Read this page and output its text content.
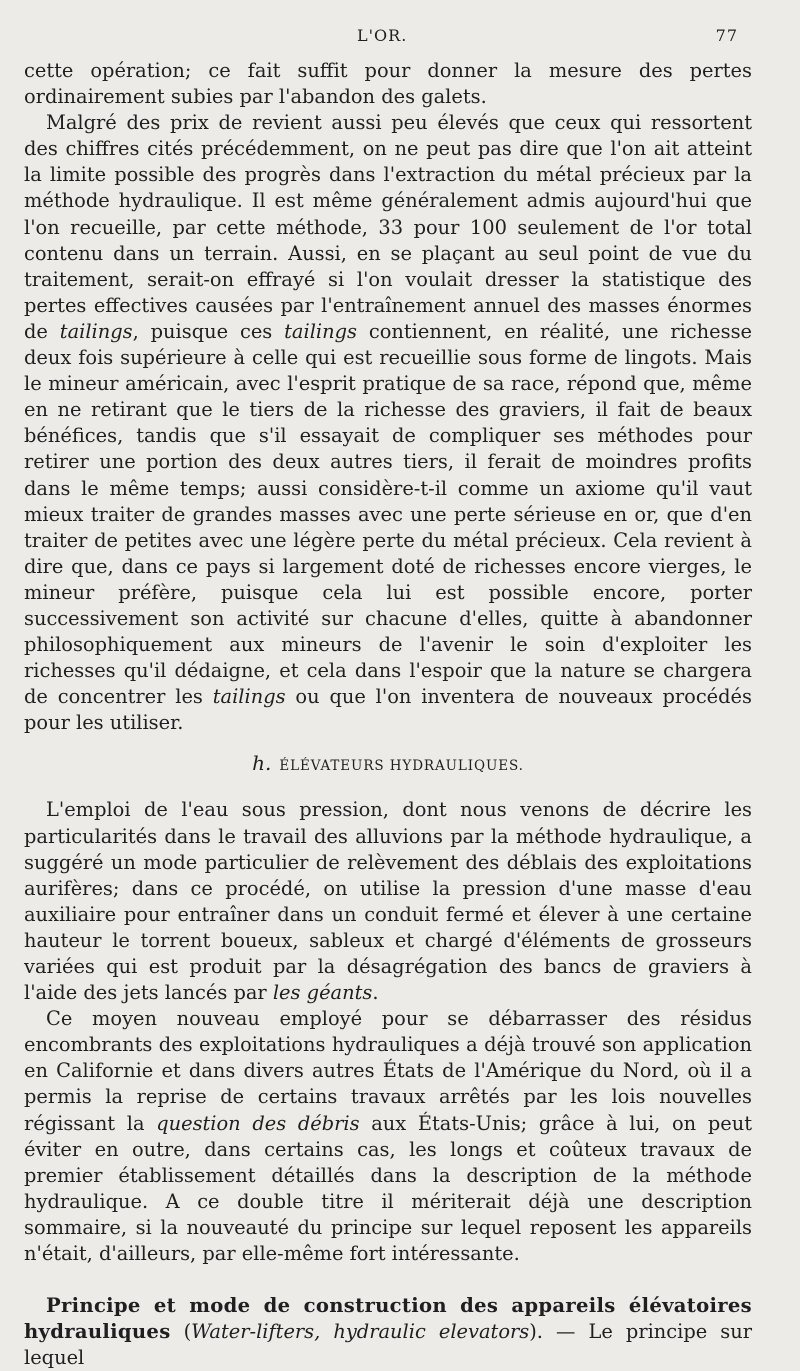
L'OR.	77

cette opération; ce fait suffit pour donner la mesure des pertes ordinairement subies par l'abandon des galets.

Malgré des prix de revient aussi peu élevés que ceux qui ressortent des chiffres cités précédemment, on ne peut pas dire que l'on ait atteint la limite possible des progrès dans l'extraction du métal précieux par la méthode hydraulique. Il est même généralement admis aujourd'hui que l'on recueille, par cette méthode, 33 pour 100 seulement de l'or total contenu dans un terrain. Aussi, en se plaçant au seul point de vue du traitement, serait-on effrayé si l'on voulait dresser la statistique des pertes effectives causées par l'entraînement annuel des masses énormes de tailings, puisque ces tailings contiennent, en réalité, une richesse deux fois supérieure à celle qui est recueillie sous forme de lingots. Mais le mineur américain, avec l'esprit pratique de sa race, répond que, même en ne retirant que le tiers de la richesse des graviers, il fait de beaux bénéfices, tandis que s'il essayait de compliquer ses méthodes pour retirer une portion des deux autres tiers, il ferait de moindres profits dans le même temps; aussi considère-t-il comme un axiome qu'il vaut mieux traiter de grandes masses avec une perte sérieuse en or, que d'en traiter de petites avec une légère perte du métal précieux. Cela revient à dire que, dans ce pays si largement doté de richesses encore vierges, le mineur préfère, puisque cela lui est possible encore, porter successivement son activité sur chacune d'elles, quitte à abandonner philosophiquement aux mineurs de l'avenir le soin d'exploiter les richesses qu'il dédaigne, et cela dans l'espoir que la nature se chargera de concentrer les tailings ou que l'on inventera de nouveaux procédés pour les utiliser.

h. ÉLÉVATEURS HYDRAULIQUES.

L'emploi de l'eau sous pression, dont nous venons de décrire les particularités dans le travail des alluvions par la méthode hydraulique, a suggéré un mode particulier de relèvement des déblais des exploitations aurifères; dans ce procédé, on utilise la pression d'une masse d'eau auxiliaire pour entraîner dans un conduit fermé et élever à une certaine hauteur le torrent boueux, sableux et chargé d'éléments de grosseurs variées qui est produit par la désagrégation des bancs de graviers à l'aide des jets lancés par les géants.

Ce moyen nouveau employé pour se débarrasser des résidus encombrants des exploitations hydrauliques a déjà trouvé son application en Californie et dans divers autres États de l'Amérique du Nord, où il a permis la reprise de certains travaux arrêtés par les lois nouvelles régissant la question des débris aux États-Unis; grâce à lui, on peut éviter en outre, dans certains cas, les longs et coûteux travaux de premier établissement détaillés dans la description de la méthode hydraulique. A ce double titre il mériterait déjà une description sommaire, si la nouveauté du principe sur lequel reposent les appareils n'était, d'ailleurs, par elle-même fort intéressante.

Principe et mode de construction des appareils élévatoires hydrauliques (Water-lifters, hydraulic elevators). — Le principe sur lequel
